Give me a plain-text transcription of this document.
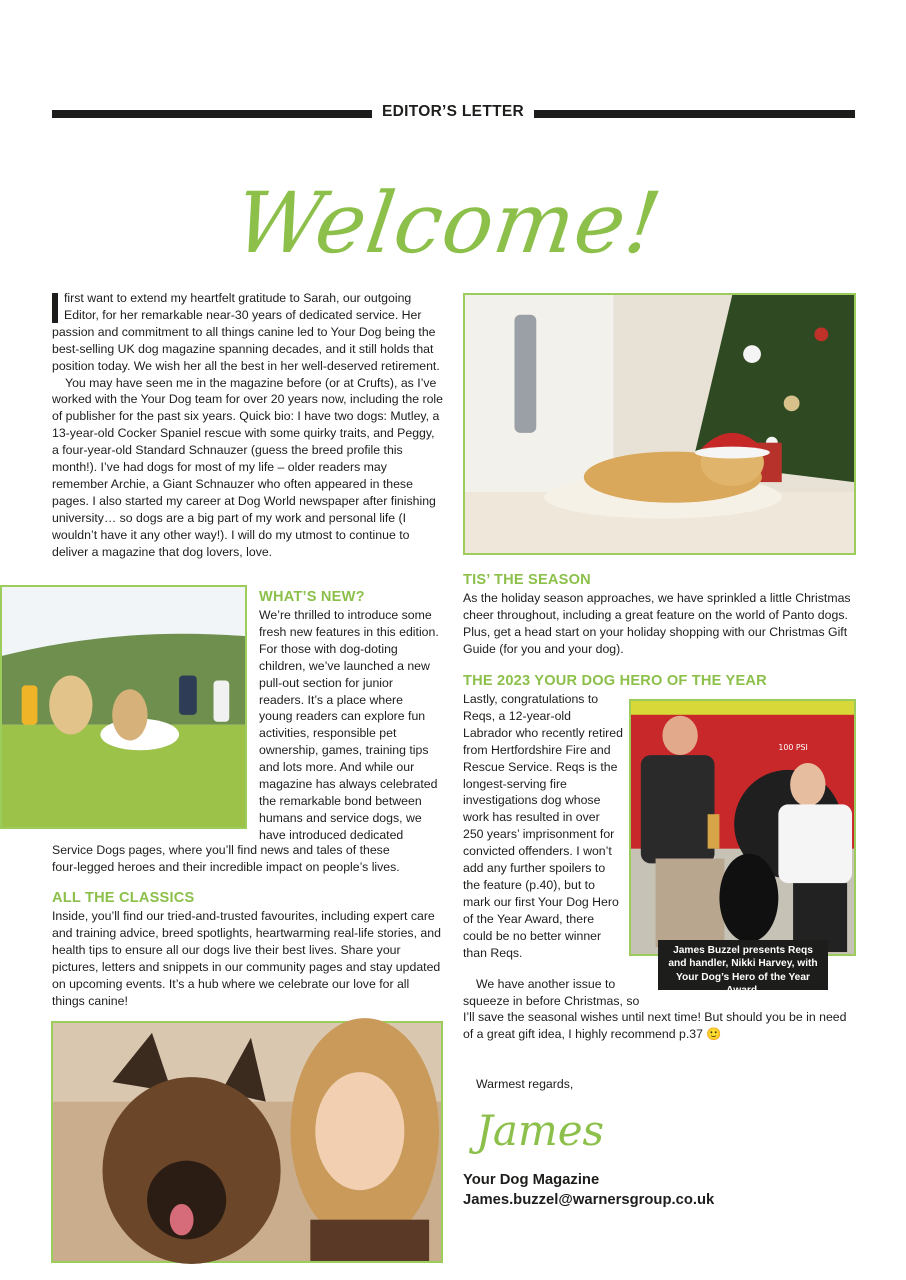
EDITOR’S LETTER
Welcome!

first want to extend my heartfelt gratitude to Sarah, our outgoing Editor, for her remarkable near-30 years of dedicated service. Her passion and commitment to all things canine led to Your Dog being the best-selling UK dog magazine spanning decades, and it still holds that position today. We wish her all the best in her well-deserved retirement.

You may have seen me in the magazine before (or at Crufts), as I’ve worked with the Your Dog team for over 20 years now, including the role of publisher for the past six years. Quick bio: I have two dogs: Mutley, a 13-year-old Cocker Spaniel rescue with some quirky traits, and Peggy, a four-year-old Standard Schnauzer (guess the breed profile this month!). I’ve had dogs for most of my life – older readers may remember Archie, a Giant Schnauzer who often appeared in these pages. I also started my career at Dog World newspaper after finishing university… so dogs are a big part of my work and personal life (I wouldn’t have it any other way!). I will do my utmost to continue to deliver a magazine that dog lovers, love.

WHAT’S NEW?

We’re thrilled to introduce some fresh new features in this edition. For those with dog-doting children, we’ve launched a new pull-out section for junior readers. It’s a place where young readers can explore fun activities, responsible pet ownership, games, training tips and lots more. And while our magazine has always celebrated the remarkable bond between humans and service dogs, we have introduced dedicated

Service Dogs pages, where you’ll find news and tales of these four-legged heroes and their incredible impact on people’s lives.

ALL THE CLASSICS

Inside, you’ll find our tried-and-trusted favourites, including expert care and training advice, breed spotlights, heartwarming real-life stories, and health tips to ensure all our dogs live their best lives. Share your pictures, letters and snippets in our community pages and stay updated on upcoming events. It’s a hub where we celebrate our love for all things canine!

TIS’ THE SEASON

As the holiday season approaches, we have sprinkled a little Christmas cheer throughout, including a great feature on the world of Panto dogs. Plus, get a head start on your holiday shopping with our Christmas Gift Guide (for you and your dog).

THE 2023 YOUR DOG HERO OF THE YEAR

Lastly, congratulations to Reqs, a 12-year-old Labrador who recently retired from Hertfordshire Fire and Rescue Service. Reqs is the longest-serving fire investigations dog whose work has resulted in over 250 years’ imprisonment for convicted offenders. I won’t add any further spoilers to the feature (p.40), but to mark our first Your Dog Hero of the Year Award, there could be no better winner than Reqs.

100 PSI
James Buzzel presents Reqs and handler, Nikki Harvey, with Your Dog’s Hero of the Year Award.

We have another issue to squeeze in before Christmas, so

I’ll save the seasonal wishes until next time! But should you be in need of a great gift idea, I highly recommend p.37 🙂

Warmest regards,

James
Your Dog Magazine
James.buzzel@warnersgroup.co.uk
